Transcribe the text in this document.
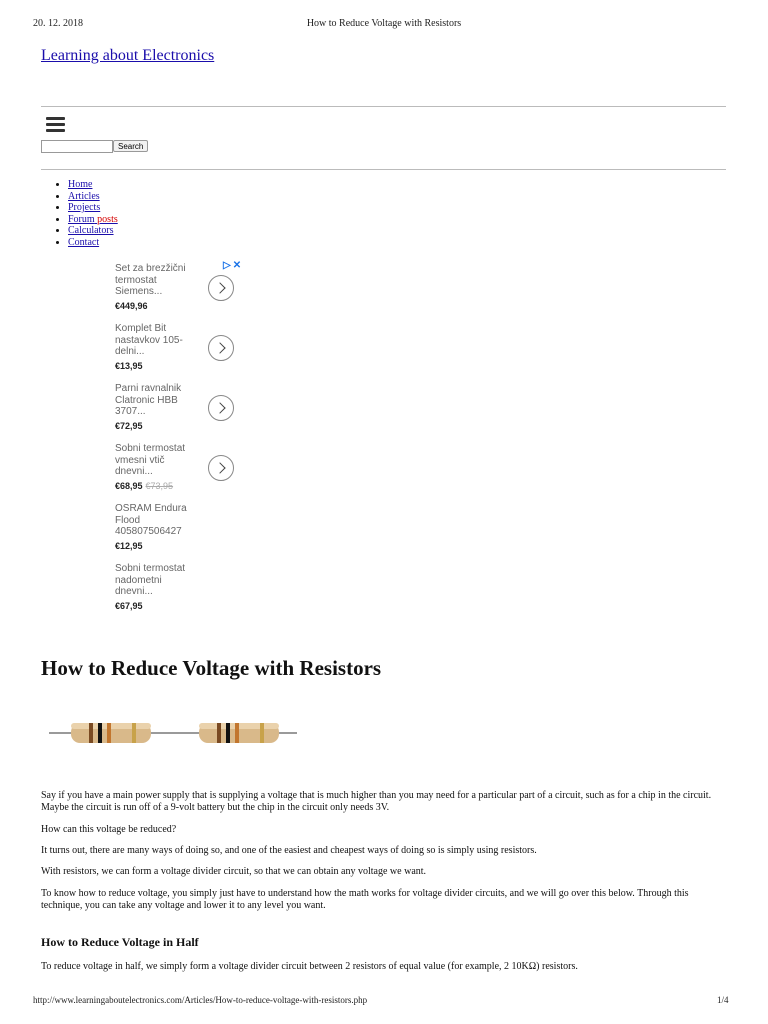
20. 12. 2018	How to Reduce Voltage with Resistors
Learning about Electronics
Search
• Home
• Articles
• Projects
• Forum posts
• Calculators
• Contact
▷✕
Set za brezžični termostat Siemens...
€449,96
Komplet Bit nastavkov 105-delni...
€13,95
Parni ravnalnik Clatronic HBB 3707...
€72,95
Sobni termostat vmesni vtič dnevni...
€68,95 €73,95
OSRAM Endura Flood 405807506427
€12,95
Sobni termostat nadometni dnevni...
€67,95
How to Reduce Voltage with Resistors

Say if you have a main power supply that is supplying a voltage that is much higher than you may need for a particular part of a circuit, such as for a chip in the circuit. Maybe the circuit is run off of a 9-volt battery but the chip in the circuit only needs 3V.

How can this voltage be reduced?

It turns out, there are many ways of doing so, and one of the easiest and cheapest ways of doing so is simply using resistors.

With resistors, we can form a voltage divider circuit, so that we can obtain any voltage we want.

To know how to reduce voltage, you simply just have to understand how the math works for voltage divider circuits, and we will go over this below. Through this technique, you can take any voltage and lower it to any level you want.

How to Reduce Voltage in Half

To reduce voltage in half, we simply form a voltage divider circuit between 2 resistors of equal value (for example, 2 10KΩ) resistors.

http://www.learningaboutelectronics.com/Articles/How-to-reduce-voltage-with-resistors.php	1/4
